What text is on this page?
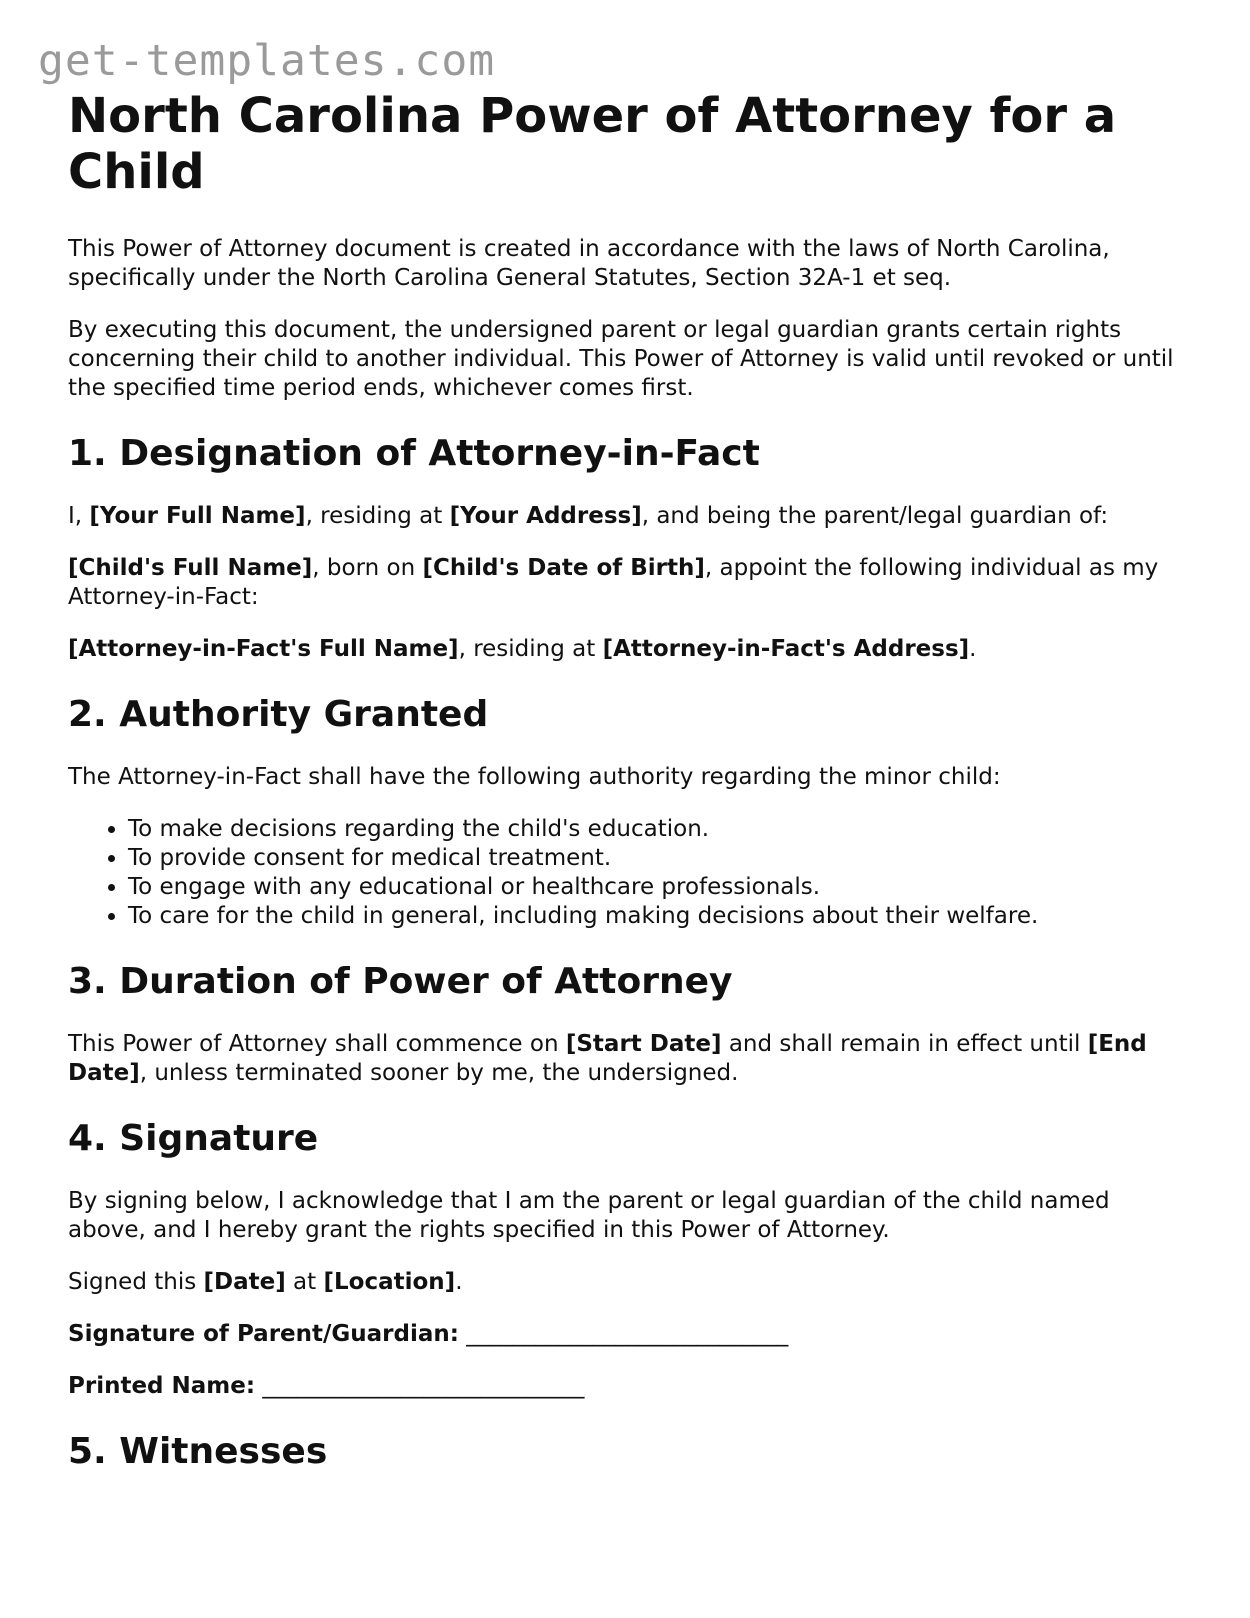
get-templates.com
North Carolina Power of Attorney for a Child

This Power of Attorney document is created in accordance with the laws of North Carolina, specifically under the North Carolina General Statutes, Section 32A-1 et seq.

By executing this document, the undersigned parent or legal guardian grants certain rights concerning their child to another individual. This Power of Attorney is valid until revoked or until the specified time period ends, whichever comes first.

1. Designation of Attorney-in-Fact

I, [Your Full Name], residing at [Your Address], and being the parent/legal guardian of:

[Child's Full Name], born on [Child's Date of Birth], appoint the following individual as my Attorney-in-Fact:

[Attorney-in-Fact's Full Name], residing at [Attorney-in-Fact's Address].

2. Authority Granted

The Attorney-in-Fact shall have the following authority regarding the minor child:

• To make decisions regarding the child's education.
• To provide consent for medical treatment.
• To engage with any educational or healthcare professionals.
• To care for the child in general, including making decisions about their welfare.
3. Duration of Power of Attorney

This Power of Attorney shall commence on [Start Date] and shall remain in effect until [End Date], unless terminated sooner by me, the undersigned.

4. Signature

By signing below, I acknowledge that I am the parent or legal guardian of the child named above, and I hereby grant the rights specified in this Power of Attorney.

Signed this [Date] at [Location].

Signature of Parent/Guardian: ____________________________

Printed Name: ____________________________

5. Witnesses
